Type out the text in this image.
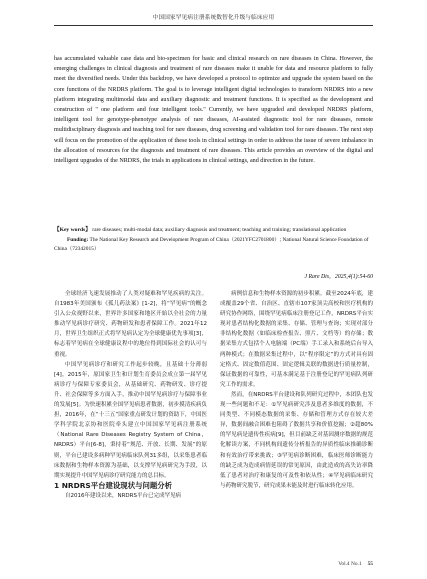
中国国家罕见病注册系统数智化升级与临床应用
has accumulated valuable case data and bio-specimen for basic and clinical research on rare diseases in China. However, the emerging challenges in clinical diagnosis and treatment of rare diseases make it unable for data and resource platform to fully meet the diversified needs. Under this backdrop, we have developed a protocol to optimize and upgrade the system based on the core functions of the NRDRS platform. The goal is to leverage intelligent digital technologies to transform NRDRS into a new platform integrating multimodal data and auxiliary diagnostic and treatment functions. It is specified as the development and construction of " one platform and four intelligent tools." Currently, we have upgraded and developed NRDRS platform, intelligent tool for genotype-phenotype analysis of rare diseases, AI-assisted diagnostic tool for rare diseases, remote multidisciplinary diagnosis and teaching tool for rare diseases, drug screening and validation tool for rare diseases. The next step will focus on the promotion of the application of these tools in clinical settings in order to address the issue of severe imbalance in the allocation of resources for the diagnosis and treatment of rare diseases. This article provides an overview of the digital and intelligent upgrades of the NRDRS, the trials in applications in clinical settings, and direction in the future.
【Key words】 rare diseases; multi-modal data; auxiliary diagnosis and treatment; teaching and training; translational application
Funding: The National Key Research and Development Program of China（2021YFC2701800）; National Natural Science Foundation of China（72342015）
J Rare Dis，2025,4(1):54-60

全球经济飞速发展推动了人类对疑难和罕见疾病的关注。自1983年美国颁布《孤儿药法案》[1-2]，将“罕见病”的概念引入公众视野以来，世界许多国家和地区开始以全社会的力量推动罕见病诊疗研究、药物研发和患者保障工作。2021年12月，世界卫生组织正式将罕见病认定为全球健康优先事项[3]，标志着罕见病在全球健康议程中的地位得到国际社会的认可与重视。

中国罕见病诊疗和研究工作起步较晚，且基础十分薄弱[4]。2015年，原国家卫生和计划生育委员会成立第一届罕见病诊疗与保障专家委员会，从基础研究、药物研发、诊疗提升、社会保障等多方面入手，推动中国罕见病诊疗与保障事业的发展[5]。为快速积累全国罕见病患者数据，初步摸清疾病负担，2016年，在“十三五”国家重点研发计划的资助下，中国医学科学院北京协和医院牵头建立中国国家罕见病注册系统（National Rare Diseases Registry System of China，NRDRS）平台[6-8]，秉持着“规范、开放、长期、发展”的原则，平台已建设多病种罕见病临床队列31多组，以采集患者临床数据和生物样本资源为基础，以支撑罕见病研究为手段，以期实现提升中国罕见病诊疗研究能力的总目标。

1 NRDRS平台建设现状与问题分析

自2016年建设以来，NRDRS平台已完成罕见病

病例信息和生物样本资源的初步积累。截至2024年底，建成覆盖29个省、自治区、直辖市107家顶尖高校和医疗机构的研究协作网络，围绕罕见病临床注册登记工作，NRDRS平台实现对患者结构化数据的采集、存储、管理与查询；实现对部分非结构化数据（如临床检查报告、照片、文档等）的存储；数据采集方式包括个人电脑端（PC端）手工录入和系统后台导入两种模式；在数据采集过程中，以“程序限定”的方式对具有固定格式、固定数值范围、固定逻辑关联的数据进行质量控制，保证数据的可靠性，可基本满足基于注册登记的罕见病队列研究工作的需求。

然而，在NRDRS平台建设和队列研究过程中，本团队也发现一些问题和不足：①罕见病研究涉及患者多维度的数据，不同类型、不同模态数据的采集、存储和管理方式存在较大差异，数据间融合困难也阻碍了数据共享和价值挖掘；②超80%的罕见病是遗传性疾病[9]，但目前缺乏对基因测序数据的规范化解读方案，不同机构间遗传分析报告的异质性临床推确诊断和有效治疗带来挑战；③罕见病诊断困难，临床医师诊断能力的缺乏成为造成病情延误的常见原因，由此造成的高失访率降低了患者对治疗和康复的可及性和依从性；④罕见病临床研究与药物研究脱节，研究成果未能及时进行临床转化应用。

Vol.4 No.1 55
